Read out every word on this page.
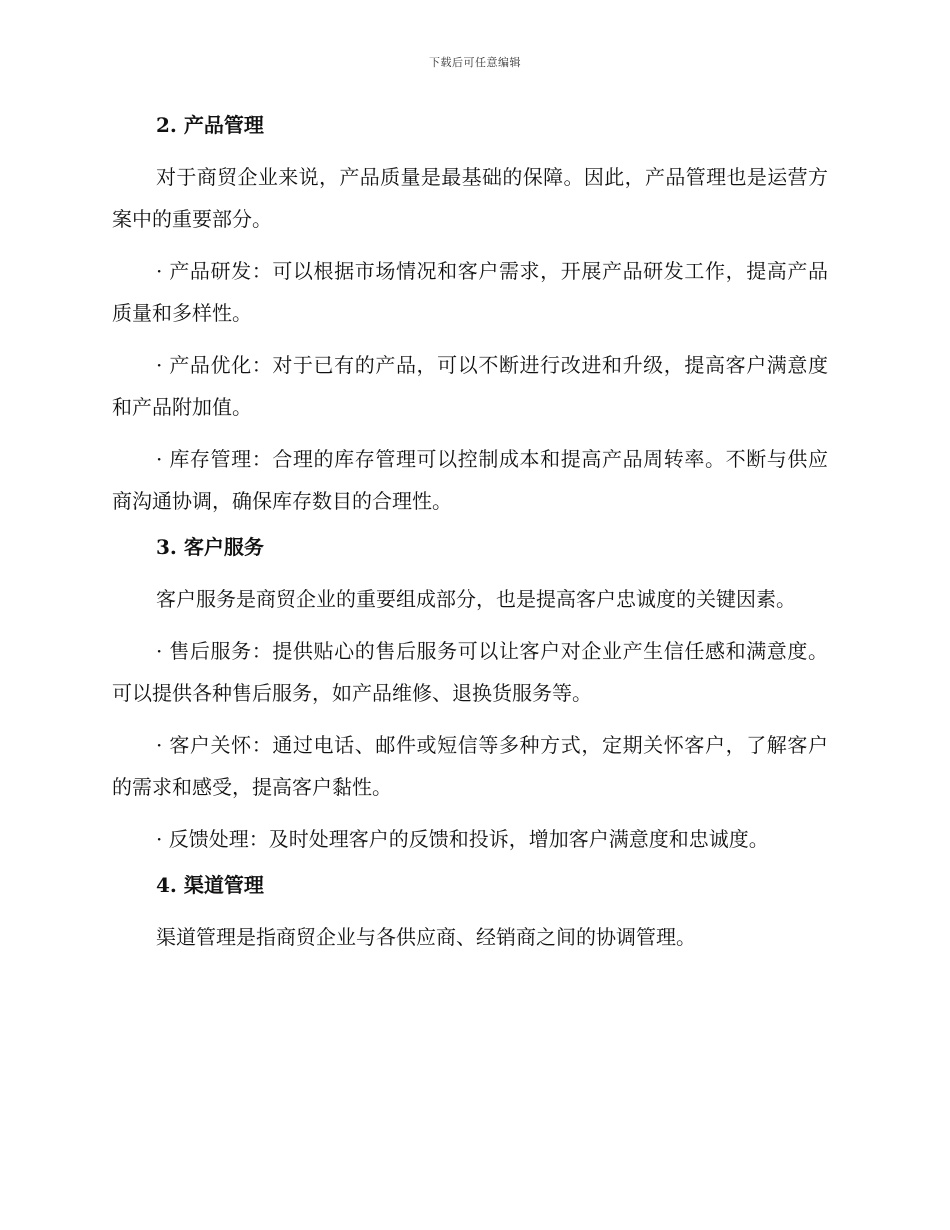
下载后可任意编辑
2. 产品管理

对于商贸企业来说，产品质量是最基础的保障。因此，产品管理也是运营方案中的重要部分。

· 产品研发：可以根据市场情况和客户需求，开展产品研发工作，提高产品质量和多样性。

· 产品优化：对于已有的产品，可以不断进行改进和升级，提高客户满意度和产品附加值。

· 库存管理：合理的库存管理可以控制成本和提高产品周转率。不断与供应商沟通协调，确保库存数目的合理性。

3. 客户服务

客户服务是商贸企业的重要组成部分，也是提高客户忠诚度的关键因素。

· 售后服务：提供贴心的售后服务可以让客户对企业产生信任感和满意度。可以提供各种售后服务，如产品维修、退换货服务等。

· 客户关怀：通过电话、邮件或短信等多种方式，定期关怀客户，了解客户的需求和感受，提高客户黏性。

· 反馈处理：及时处理客户的反馈和投诉，增加客户满意度和忠诚度。

4. 渠道管理

渠道管理是指商贸企业与各供应商、经销商之间的协调管理。
